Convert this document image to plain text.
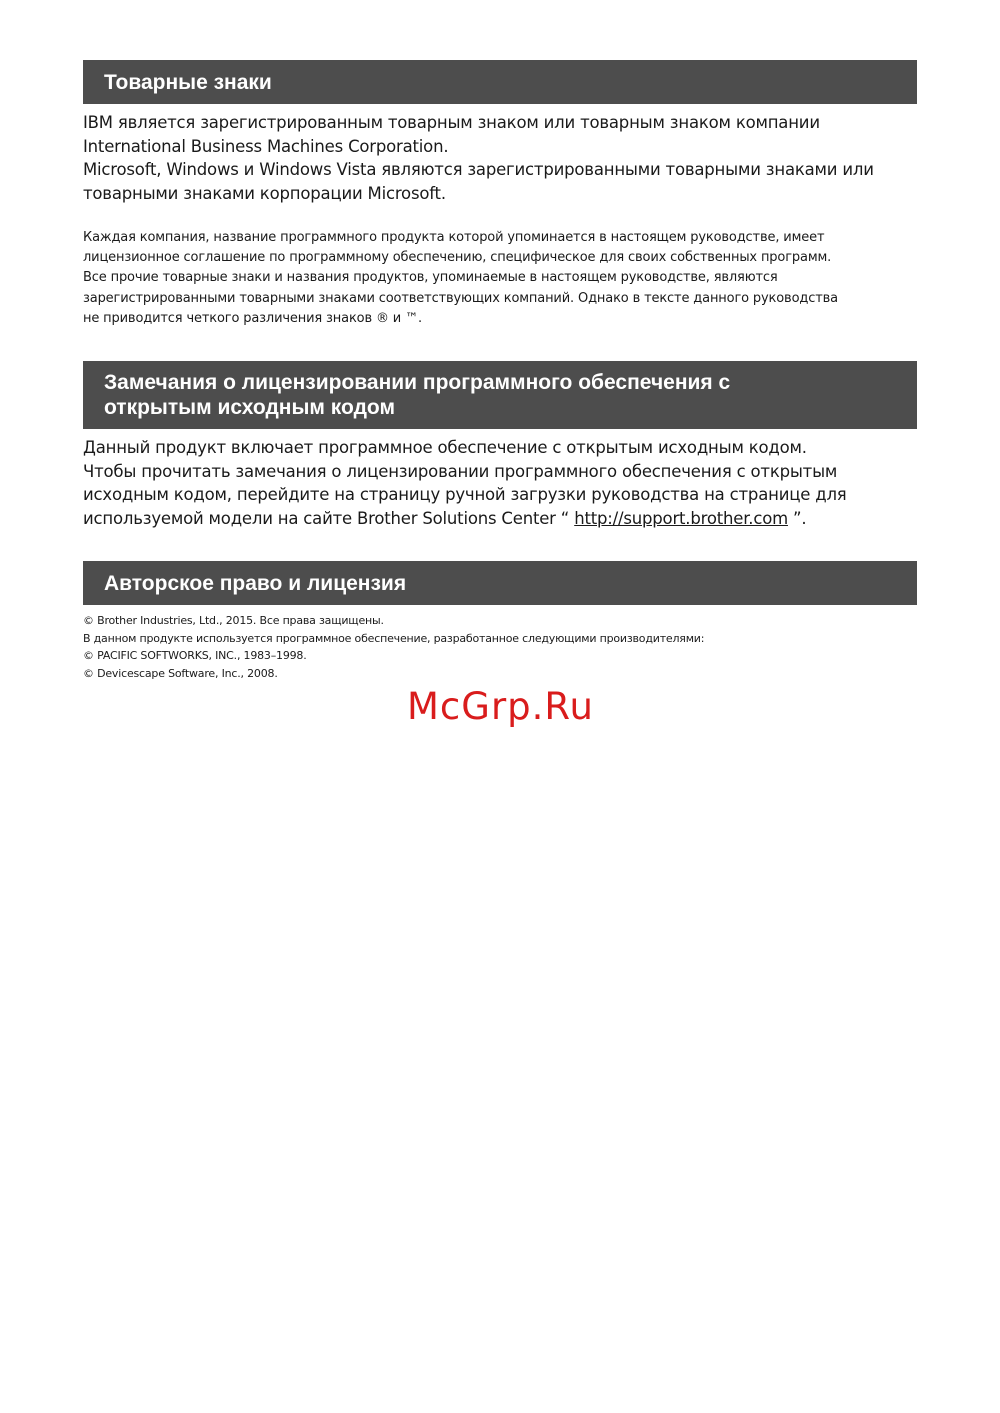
Товарные знаки

IBM является зарегистрированным товарным знаком или товарным знаком компании

International Business Machines Corporation.

Microsoft, Windows и Windows Vista являются зарегистрированными товарными знаками или

товарными знаками корпорации Microsoft.

Каждая компания, название программного продукта которой упоминается в настоящем руководстве, имеет

лицензионное соглашение по программному обеспечению, специфическое для своих собственных программ.

Все прочие товарные знаки и названия продуктов, упоминаемые в настоящем руководстве, являются

зарегистрированными товарными знаками соответствующих компаний. Однако в тексте данного руководства

не приводится четкого различения знаков ® и ™.

Замечания о лицензировании программного обеспечения с
открытым исходным кодом

Данный продукт включает программное обеспечение с открытым исходным кодом.

Чтобы прочитать замечания о лицензировании программного обеспечения с открытым

исходным кодом, перейдите на страницу ручной загрузки руководства на странице для

используемой модели на сайте Brother Solutions Center “ http://support.brother.com ”.

Авторское право и лицензия

© Brother Industries, Ltd., 2015. Все права защищены.

В данном продукте используется программное обеспечение, разработанное следующими производителями:

© PACIFIC SOFTWORKS, INC., 1983–1998.

© Devicescape Software, Inc., 2008.

McGrp.Ru
